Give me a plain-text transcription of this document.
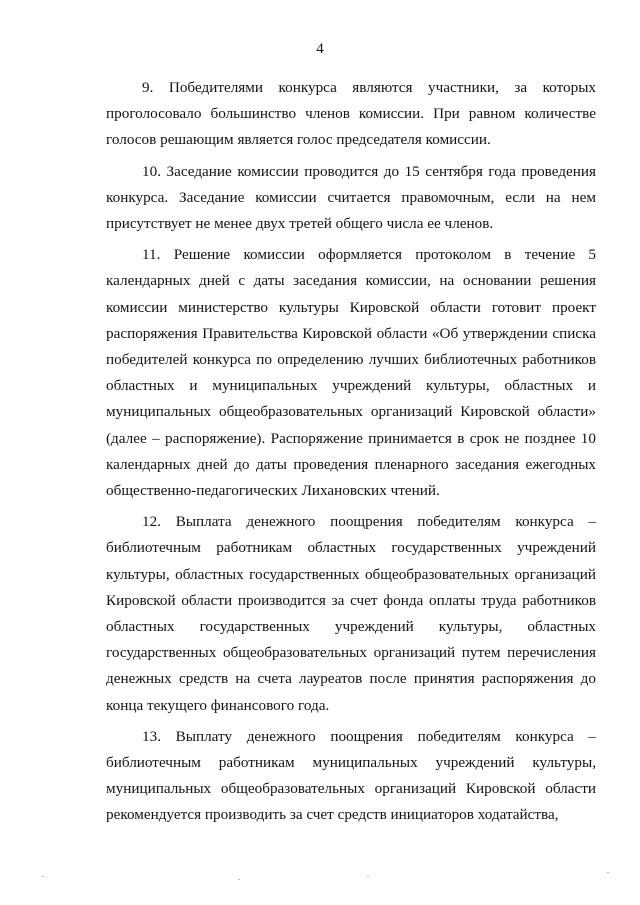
4

9. Победителями конкурса являются участники, за которых проголосовало большинство членов комиссии. При равном количестве голосов решающим является голос председателя комиссии.

10. Заседание комиссии проводится до 15 сентября года проведения конкурса. Заседание комиссии считается правомочным, если на нем присутствует не менее двух третей общего числа ее членов.

11. Решение комиссии оформляется протоколом в течение 5 календарных дней с даты заседания комиссии, на основании решения комиссии министерство культуры Кировской области готовит проект распоряжения Правительства Кировской области «Об утверждении списка победителей конкурса по определению лучших библиотечных работников областных и муниципальных учреждений культуры, областных и муниципальных общеобразовательных организаций Кировской области» (далее – распоряжение). Распоряжение принимается в срок не позднее 10 календарных дней до даты проведения пленарного заседания ежегодных общественно-педагогических Лихановских чтений.

12. Выплата денежного поощрения победителям конкурса – библиотечным работникам областных государственных учреждений культуры, областных государственных общеобразовательных организаций Кировской области производится за счет фонда оплаты труда работников областных государственных учреждений культуры, областных государственных общеобразовательных организаций путем перечисления денежных средств на счета лауреатов после принятия распоряжения до конца текущего финансового года.

13. Выплату денежного поощрения победителям конкурса – библиотечным работникам муниципальных учреждений культуры, муниципальных общеобразовательных организаций Кировской области рекомендуется производить за счет средств инициаторов ходатайства,
